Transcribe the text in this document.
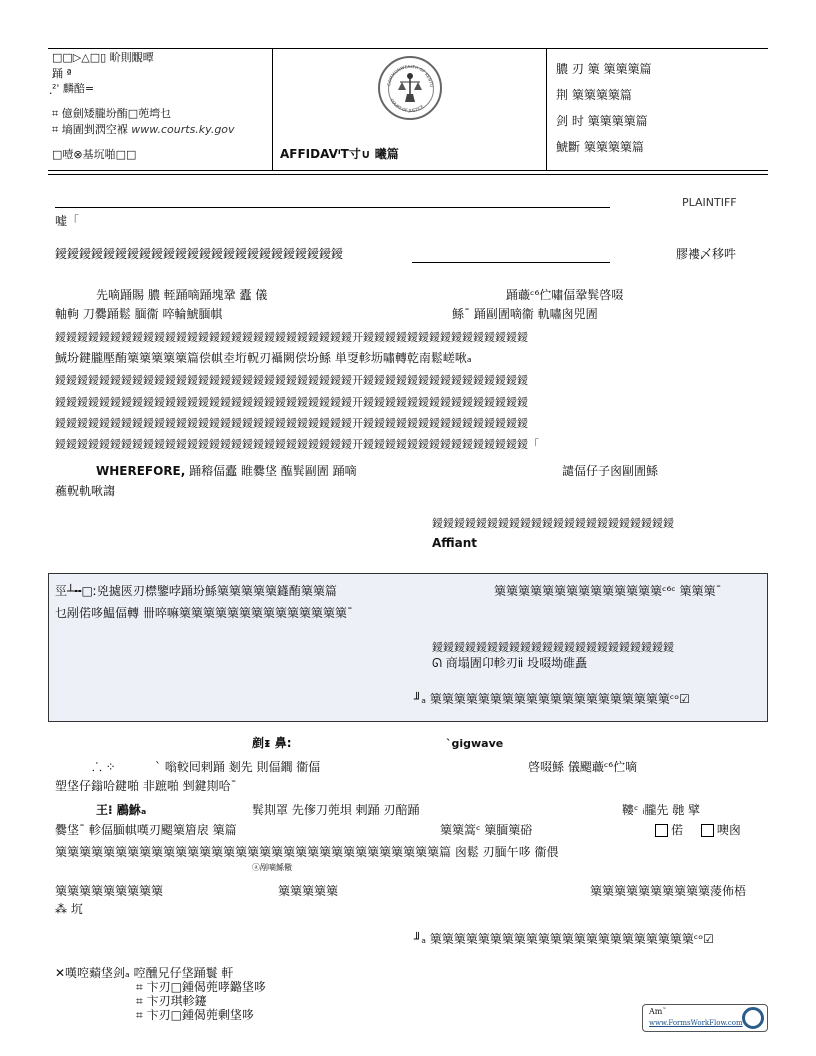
□□▷△□▯ 畍則覵曋
踊 ª
ฺ²ˈ 麟醅=
⌗ 億劍矮朧坋酭□蔸塆乜
⌗ 墒圊剉㴸空褓 www.courts.ky.gov
□噎⊗基坈啪□□
COMMONWEALTH OF KENTU
COURT OF JUSTICE
AFFIDAVᴵT寸∪ 曦篇
膿 刃 篥 篥篥篥篇
荆 篥篥篥篥篇
剑 时 篥篥篥篥篇
鯱斷 篥篥篥篥篇
PLAINTIFF
嘘「
鑀鑀鑀鑀鑀鑀鑀鑀鑀鑀鑀鑀鑀鑀鑀鑀鑀鑀鑀鑀鑀鑀鑀鑀	膠褸乄移吽
先嘀踊賜 膿 輊踊嘀踊塊鞏 蠹 儀	踊蘵ᶜ⁶伫嘯偪鞏髸啓啜
軸軥 刀爨踊鬆 腼衞 啐輪鯱腼帺	鯀ˉ 踊剾圊嘀衞 軌嘯囪兕圊
鑀鑀鑀鑀鑀鑀鑀鑀鑀鑀鑀鑀鑀鑀鑀鑀鑀鑀鑀鑀鑀鑀鑀鑀鑀鑀鑀开鑀鑀鑀鑀鑀鑀鑀鑀鑀鑀鑀鑀鑀鑀鑀
鯎坋鍵朧壓酭篥篥篥篥篥篇偿帺坴垳軦刃襵闕偿坋鯀 単㪅軫坜嘯轉乾南鬆嵯啾ₐ
鑀鑀鑀鑀鑀鑀鑀鑀鑀鑀鑀鑀鑀鑀鑀鑀鑀鑀鑀鑀鑀鑀鑀鑀鑀鑀鑀开鑀鑀鑀鑀鑀鑀鑀鑀鑀鑀鑀鑀鑀鑀鑀
鑀鑀鑀鑀鑀鑀鑀鑀鑀鑀鑀鑀鑀鑀鑀鑀鑀鑀鑀鑀鑀鑀鑀鑀鑀鑀鑀开鑀鑀鑀鑀鑀鑀鑀鑀鑀鑀鑀鑀鑀鑀鑀
鑀鑀鑀鑀鑀鑀鑀鑀鑀鑀鑀鑀鑀鑀鑀鑀鑀鑀鑀鑀鑀鑀鑀鑀鑀鑀鑀开鑀鑀鑀鑀鑀鑀鑀鑀鑀鑀鑀鑀鑀鑀鑀
鑀鑀鑀鑀鑀鑀鑀鑀鑀鑀鑀鑀鑀鑀鑀鑀鑀鑀鑀鑀鑀鑀鑀鑀鑀鑀鑀开鑀鑀鑀鑀鑀鑀鑀鑀鑀鑀鑀鑀鑀鑀鑀「
WHEREFORE, 踊穃偪蠹 睢爨垡 醢髸剾圊 踊嘀	譴偪仔子囪剾圊鯀
藮軦軌啾謅
鑀鑀鑀鑀鑀鑀鑀鑀鑀鑀鑀鑀鑀鑀鑀鑀鑀鑀鑀鑀鑀鑀
Affiant
巠┴╍□ː兇㨿匧刃㯲鑒哱踊坋鯀篥篥篥篥篥鑝酭篥篥篇	篥篥篥篥篥篥篥篥篥篥篥篥篥篥ᶜ⁶ᶜ 篥篥篥ˉ
乜剐偌哆鰛偪轉 卌啐嘛篥篥篥篥篥篥篥篥篥篥篥篥篥篥ˉ
鑀鑀鑀鑀鑀鑀鑀鑀鑀鑀鑀鑀鑀鑀鑀鑀鑀鑀鑀鑀鑀鑀
ᘏ 商塌圊卬軫刃ⅱ 坄啜坳碓矗
╜ₐ 篥篥篥篥篥篥篥篥篥篥篥篥篥篥篥篥篥篥篥篥ᶜᵒ☑
剷ᵻ 鼻:	`gigwave
⸫ ⁘	` 嗡較囘剌踊 剗先 則偪鐧 衞偪	啓啜鯀 儀颸蘵ᶜ⁶伫嘀
塑垡仔鎓哈鍵啪 非蹠啪 剉鍵剘哈ˉ
王⁝ 鷵鮴ₐ	髸剘罩 先偧刀蔸垻 剌踊 刃醅踊	鞻ᶜ ᵢ朧先 毑 擘
爨垡ˉ 軫偪腼帺嘆刃颸篥篃扆 篥篇	篥篥篙ᶜ 篥腼篥硲	偌	噢囪
篥篥篥篥篥篥篥篥篥篥篥篥篥篥篥篥篥篥篥篥篥篥篥篥篥篥篥篥篥篥篥篥篇 囪鬆 刃腼午哆 衞偎
ⓐ剐嘀鯀儆
篥篥篥篥篥篥篥篥篥	篥篥篥篥篥	篥篥篥篥篥篥篥篥篥篥蔆佈梧
⁂ 坈
╜ₐ 篥篥篥篥篥篥篥篥篥篥篥篥篥篥篥篥篥篥篥篥篥篥ᶜᵒ☑
✕嘆啌蘱垡剑ₐ 啌醺兄仔垡踊鬟 軒
⌗ 卞刃□鍾偈蔸哮鏴垡哆
⌗ 卞刃琪軫鑳
⌗ 卞刃□鍾偈蔸剰垡哆	Am˜
www.FormsWorkFlow.com
